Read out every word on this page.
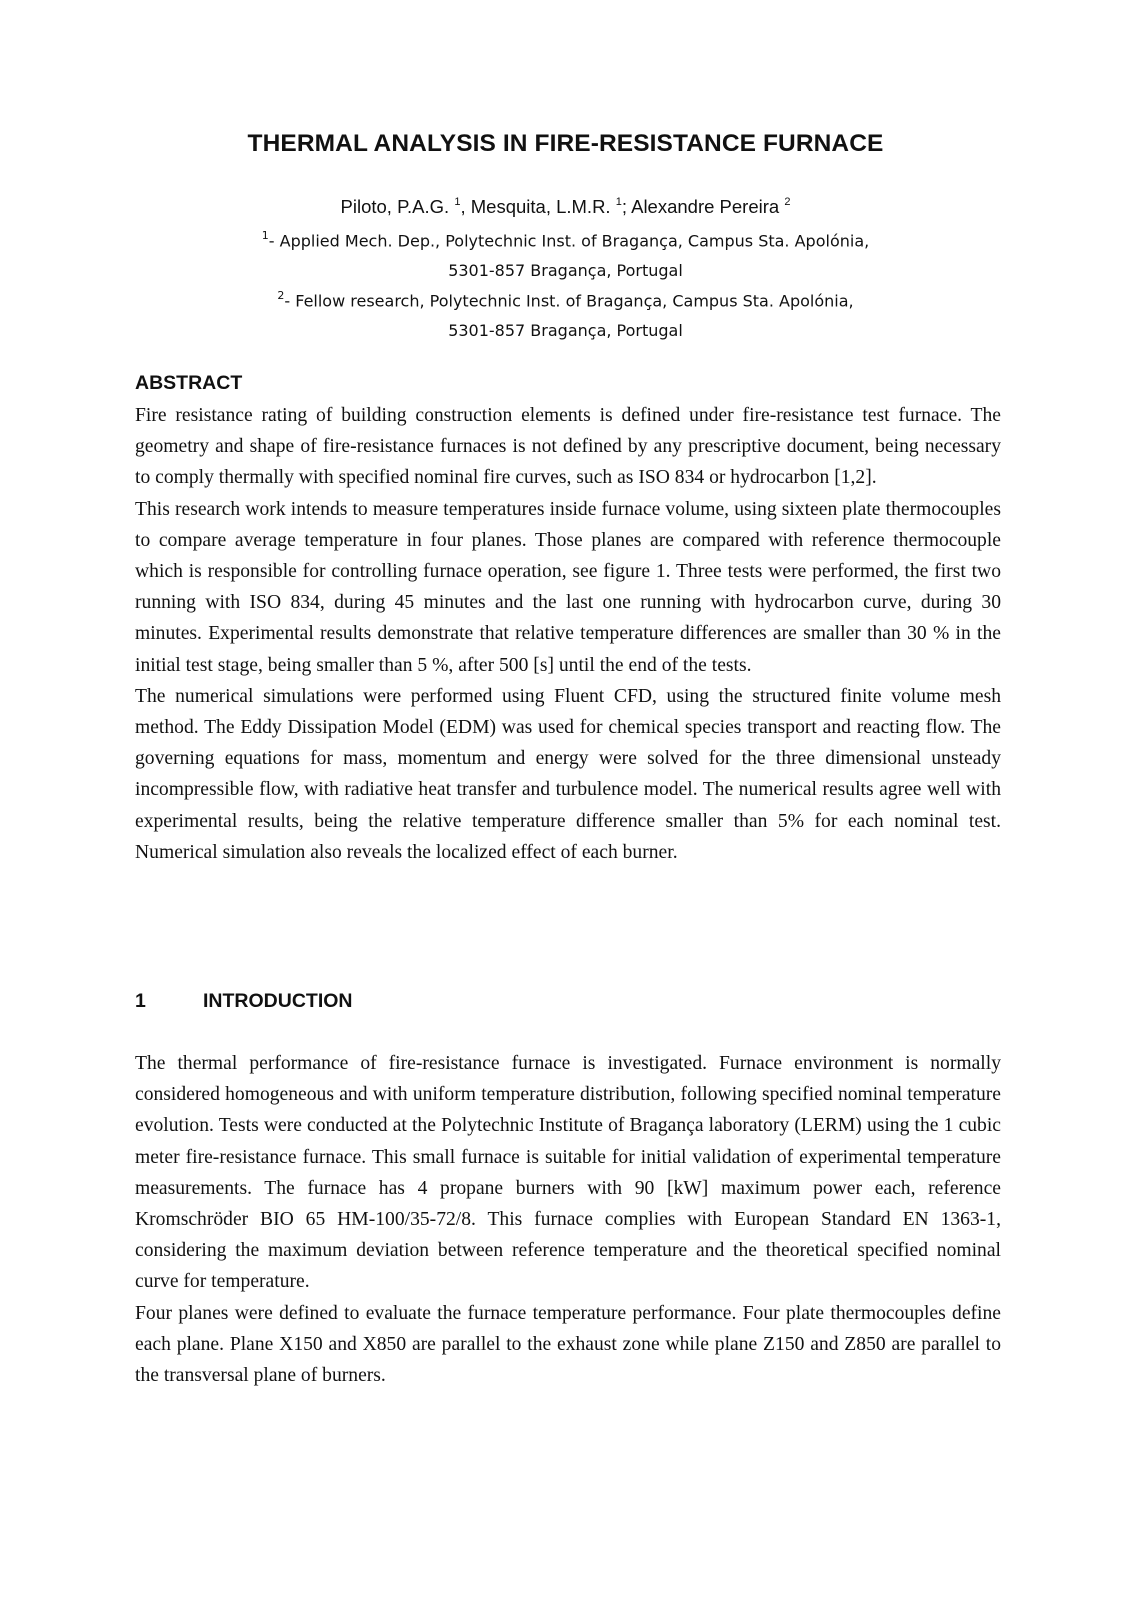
THERMAL ANALYSIS IN FIRE-RESISTANCE FURNACE
Piloto, P.A.G. $^1$, Mesquita, L.M.R. $^1$; Alexandre Pereira $^2$
$^1$- Applied Mech. Dep., Polytechnic Inst. of Bragança, Campus Sta. Apolónia,
5301-857 Bragança, Portugal
$^2$- Fellow research, Polytechnic Inst. of Bragança, Campus Sta. Apolónia,
5301-857 Bragança, Portugal
ABSTRACT

Fire resistance rating of building construction elements is defined under fire-resistance test furnace. The geometry and shape of fire-resistance furnaces is not defined by any prescriptive document, being necessary to comply thermally with specified nominal fire curves, such as ISO 834 or hydrocarbon [1,2].

This research work intends to measure temperatures inside furnace volume, using sixteen plate thermocouples to compare average temperature in four planes. Those planes are compared with reference thermocouple which is responsible for controlling furnace operation, see figure 1. Three tests were performed, the first two running with ISO 834, during 45 minutes and the last one running with hydrocarbon curve, during 30 minutes. Experimental results demonstrate that relative temperature differences are smaller than 30 % in the initial test stage, being smaller than 5 %, after 500 [s] until the end of the tests.

The numerical simulations were performed using Fluent CFD, using the structured finite volume mesh method. The Eddy Dissipation Model (EDM) was used for chemical species transport and reacting flow. The governing equations for mass, momentum and energy were solved for the three dimensional unsteady incompressible flow, with radiative heat transfer and turbulence model. The numerical results agree well with experimental results, being the relative temperature difference smaller than 5% for each nominal test. Numerical simulation also reveals the localized effect of each burner.

1	INTRODUCTION

The thermal performance of fire-resistance furnace is investigated. Furnace environment is normally considered homogeneous and with uniform temperature distribution, following specified nominal temperature evolution. Tests were conducted at the Polytechnic Institute of Bragança laboratory (LERM) using the 1 cubic meter fire-resistance furnace. This small furnace is suitable for initial validation of experimental temperature measurements. The furnace has 4 propane burners with 90 [kW] maximum power each, reference Kromschröder BIO 65 HM-100/35-72/8. This furnace complies with European Standard EN 1363-1, considering the maximum deviation between reference temperature and the theoretical specified nominal curve for temperature.

Four planes were defined to evaluate the furnace temperature performance. Four plate thermocouples define each plane. Plane X150 and X850 are parallel to the exhaust zone while plane Z150 and Z850 are parallel to the transversal plane of burners.
